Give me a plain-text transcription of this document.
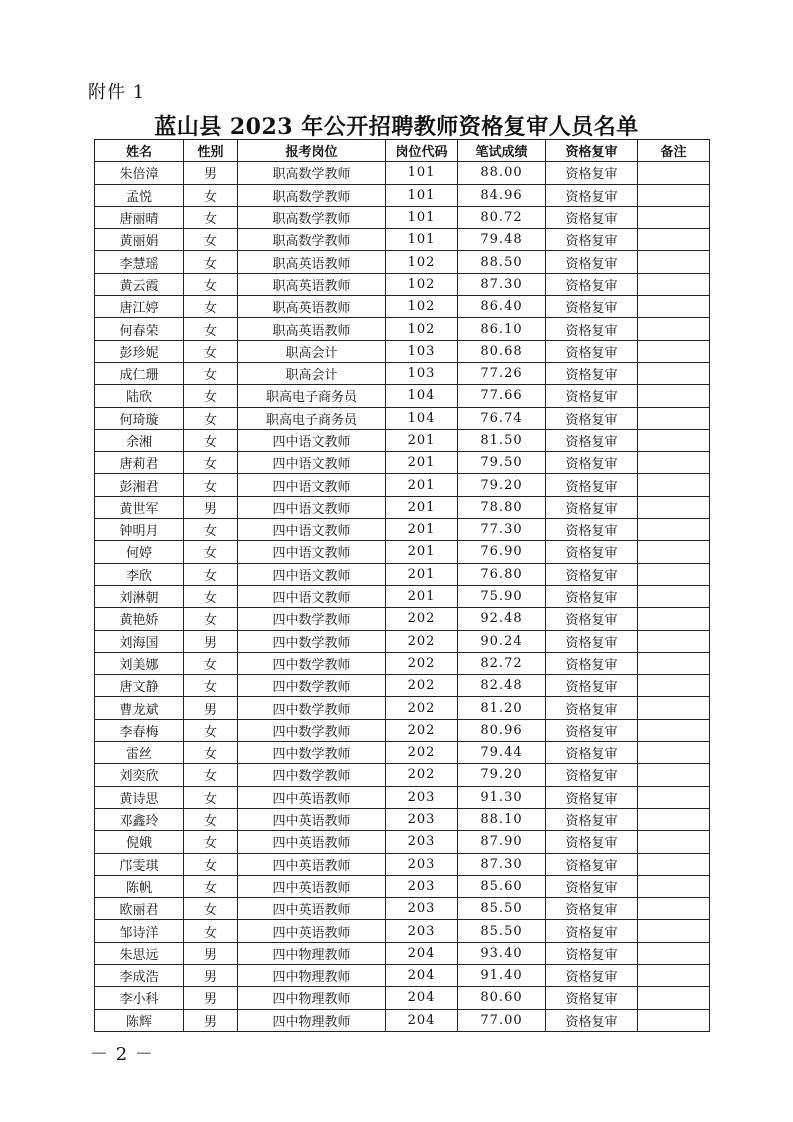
附件 1
蓝山县 2023 年公开招聘教师资格复审人员名单
姓名	性别	报考岗位	岗位代码	笔试成绩	资格复审	备注
朱倍漳	男	职高数学教师	101	88.00	资格复审	
孟悦	女	职高数学教师	101	84.96	资格复审	
唐丽晴	女	职高数学教师	101	80.72	资格复审	
黄丽娟	女	职高数学教师	101	79.48	资格复审	
李慧瑶	女	职高英语教师	102	88.50	资格复审	
黄云霞	女	职高英语教师	102	87.30	资格复审	
唐江婷	女	职高英语教师	102	86.40	资格复审	
何春荣	女	职高英语教师	102	86.10	资格复审	
彭珍妮	女	职高会计	103	80.68	资格复审	
成仁珊	女	职高会计	103	77.26	资格复审	
陆欣	女	职高电子商务员	104	77.66	资格复审	
何琦璇	女	职高电子商务员	104	76.74	资格复审	
余湘	女	四中语文教师	201	81.50	资格复审	
唐莉君	女	四中语文教师	201	79.50	资格复审	
彭湘君	女	四中语文教师	201	79.20	资格复审	
黄世军	男	四中语文教师	201	78.80	资格复审	
钟明月	女	四中语文教师	201	77.30	资格复审	
何婷	女	四中语文教师	201	76.90	资格复审	
李欣	女	四中语文教师	201	76.80	资格复审	
刘淋朝	女	四中语文教师	201	75.90	资格复审	
黄艳娇	女	四中数学教师	202	92.48	资格复审	
刘海国	男	四中数学教师	202	90.24	资格复审	
刘美娜	女	四中数学教师	202	82.72	资格复审	
唐文静	女	四中数学教师	202	82.48	资格复审	
曹龙斌	男	四中数学教师	202	81.20	资格复审	
李春梅	女	四中数学教师	202	80.96	资格复审	
雷丝	女	四中数学教师	202	79.44	资格复审	
刘奕欣	女	四中数学教师	202	79.20	资格复审	
黄诗思	女	四中英语教师	203	91.30	资格复审	
邓鑫玲	女	四中英语教师	203	88.10	资格复审	
倪娥	女	四中英语教师	203	87.90	资格复审	
邝雯琪	女	四中英语教师	203	87.30	资格复审	
陈帆	女	四中英语教师	203	85.60	资格复审	
欧丽君	女	四中英语教师	203	85.50	资格复审	
邹诗洋	女	四中英语教师	203	85.50	资格复审	
朱思远	男	四中物理教师	204	93.40	资格复审	
李成浩	男	四中物理教师	204	91.40	资格复审	
李小科	男	四中物理教师	204	80.60	资格复审	
陈辉	男	四中物理教师	204	77.00	资格复审	
－ 2 －
